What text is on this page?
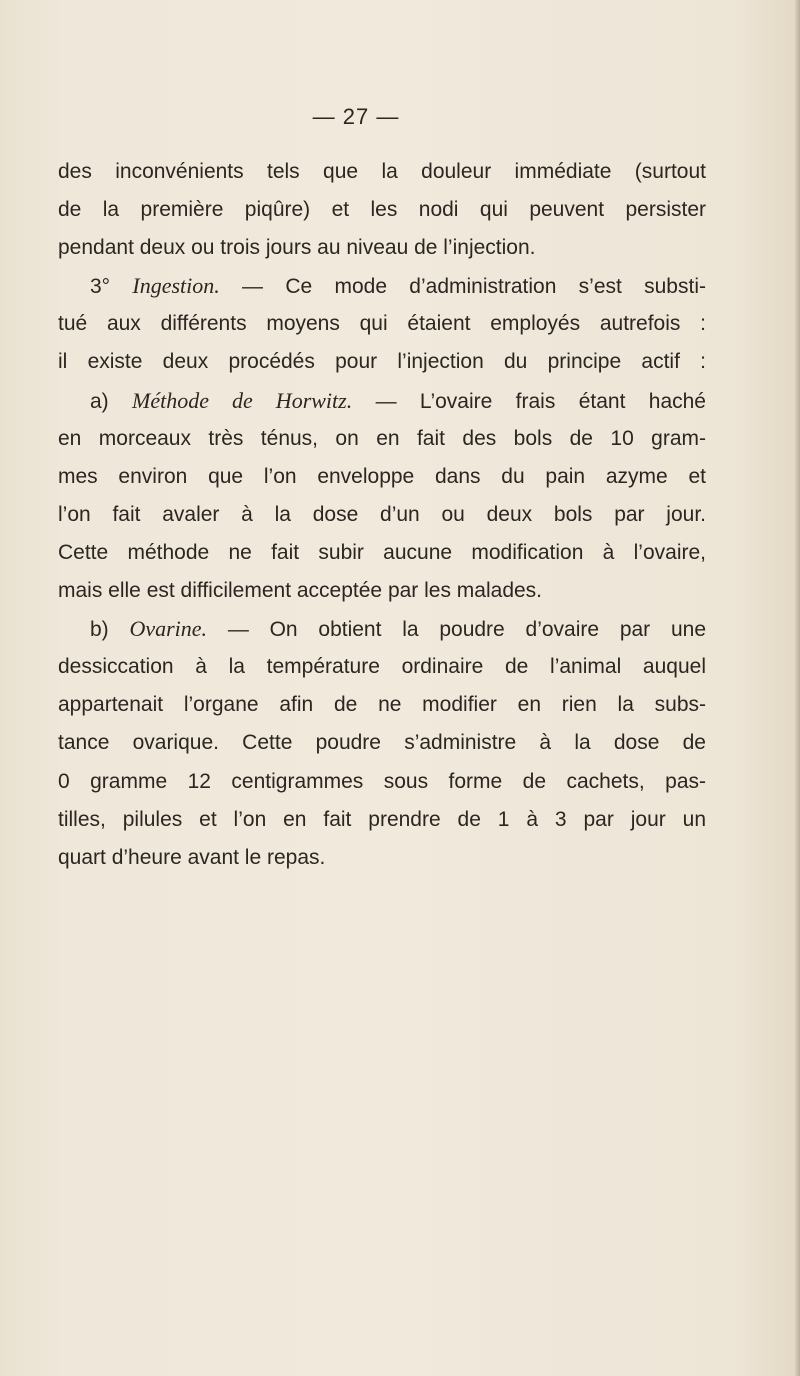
— 27 —
des inconvénients tels que la douleur immédiate (surtout
de la première piqûre) et les nodi qui peuvent persister
pendant deux ou trois jours au niveau de l’injection.
3° Ingestion. — Ce mode d’administration s’est substi-
tué aux différents moyens qui étaient employés autrefois :
il existe deux procédés pour l’injection du principe actif :
a) Méthode de Horwitz. — L’ovaire frais étant haché
en morceaux très ténus, on en fait des bols de 10 gram-
mes environ que l’on enveloppe dans du pain azyme et
l’on fait avaler à la dose d’un ou deux bols par jour.
Cette méthode ne fait subir aucune modification à l’ovaire,
mais elle est difficilement acceptée par les malades.
b) Ovarine. — On obtient la poudre d’ovaire par une
dessiccation à la température ordinaire de l’animal auquel
appartenait l’organe afin de ne modifier en rien la subs-
tance ovarique. Cette poudre s’administre à la dose de
0 gramme 12 centigrammes sous forme de cachets, pas-
tilles, pilules et l’on en fait prendre de 1 à 3 par jour un
quart d’heure avant le repas.
